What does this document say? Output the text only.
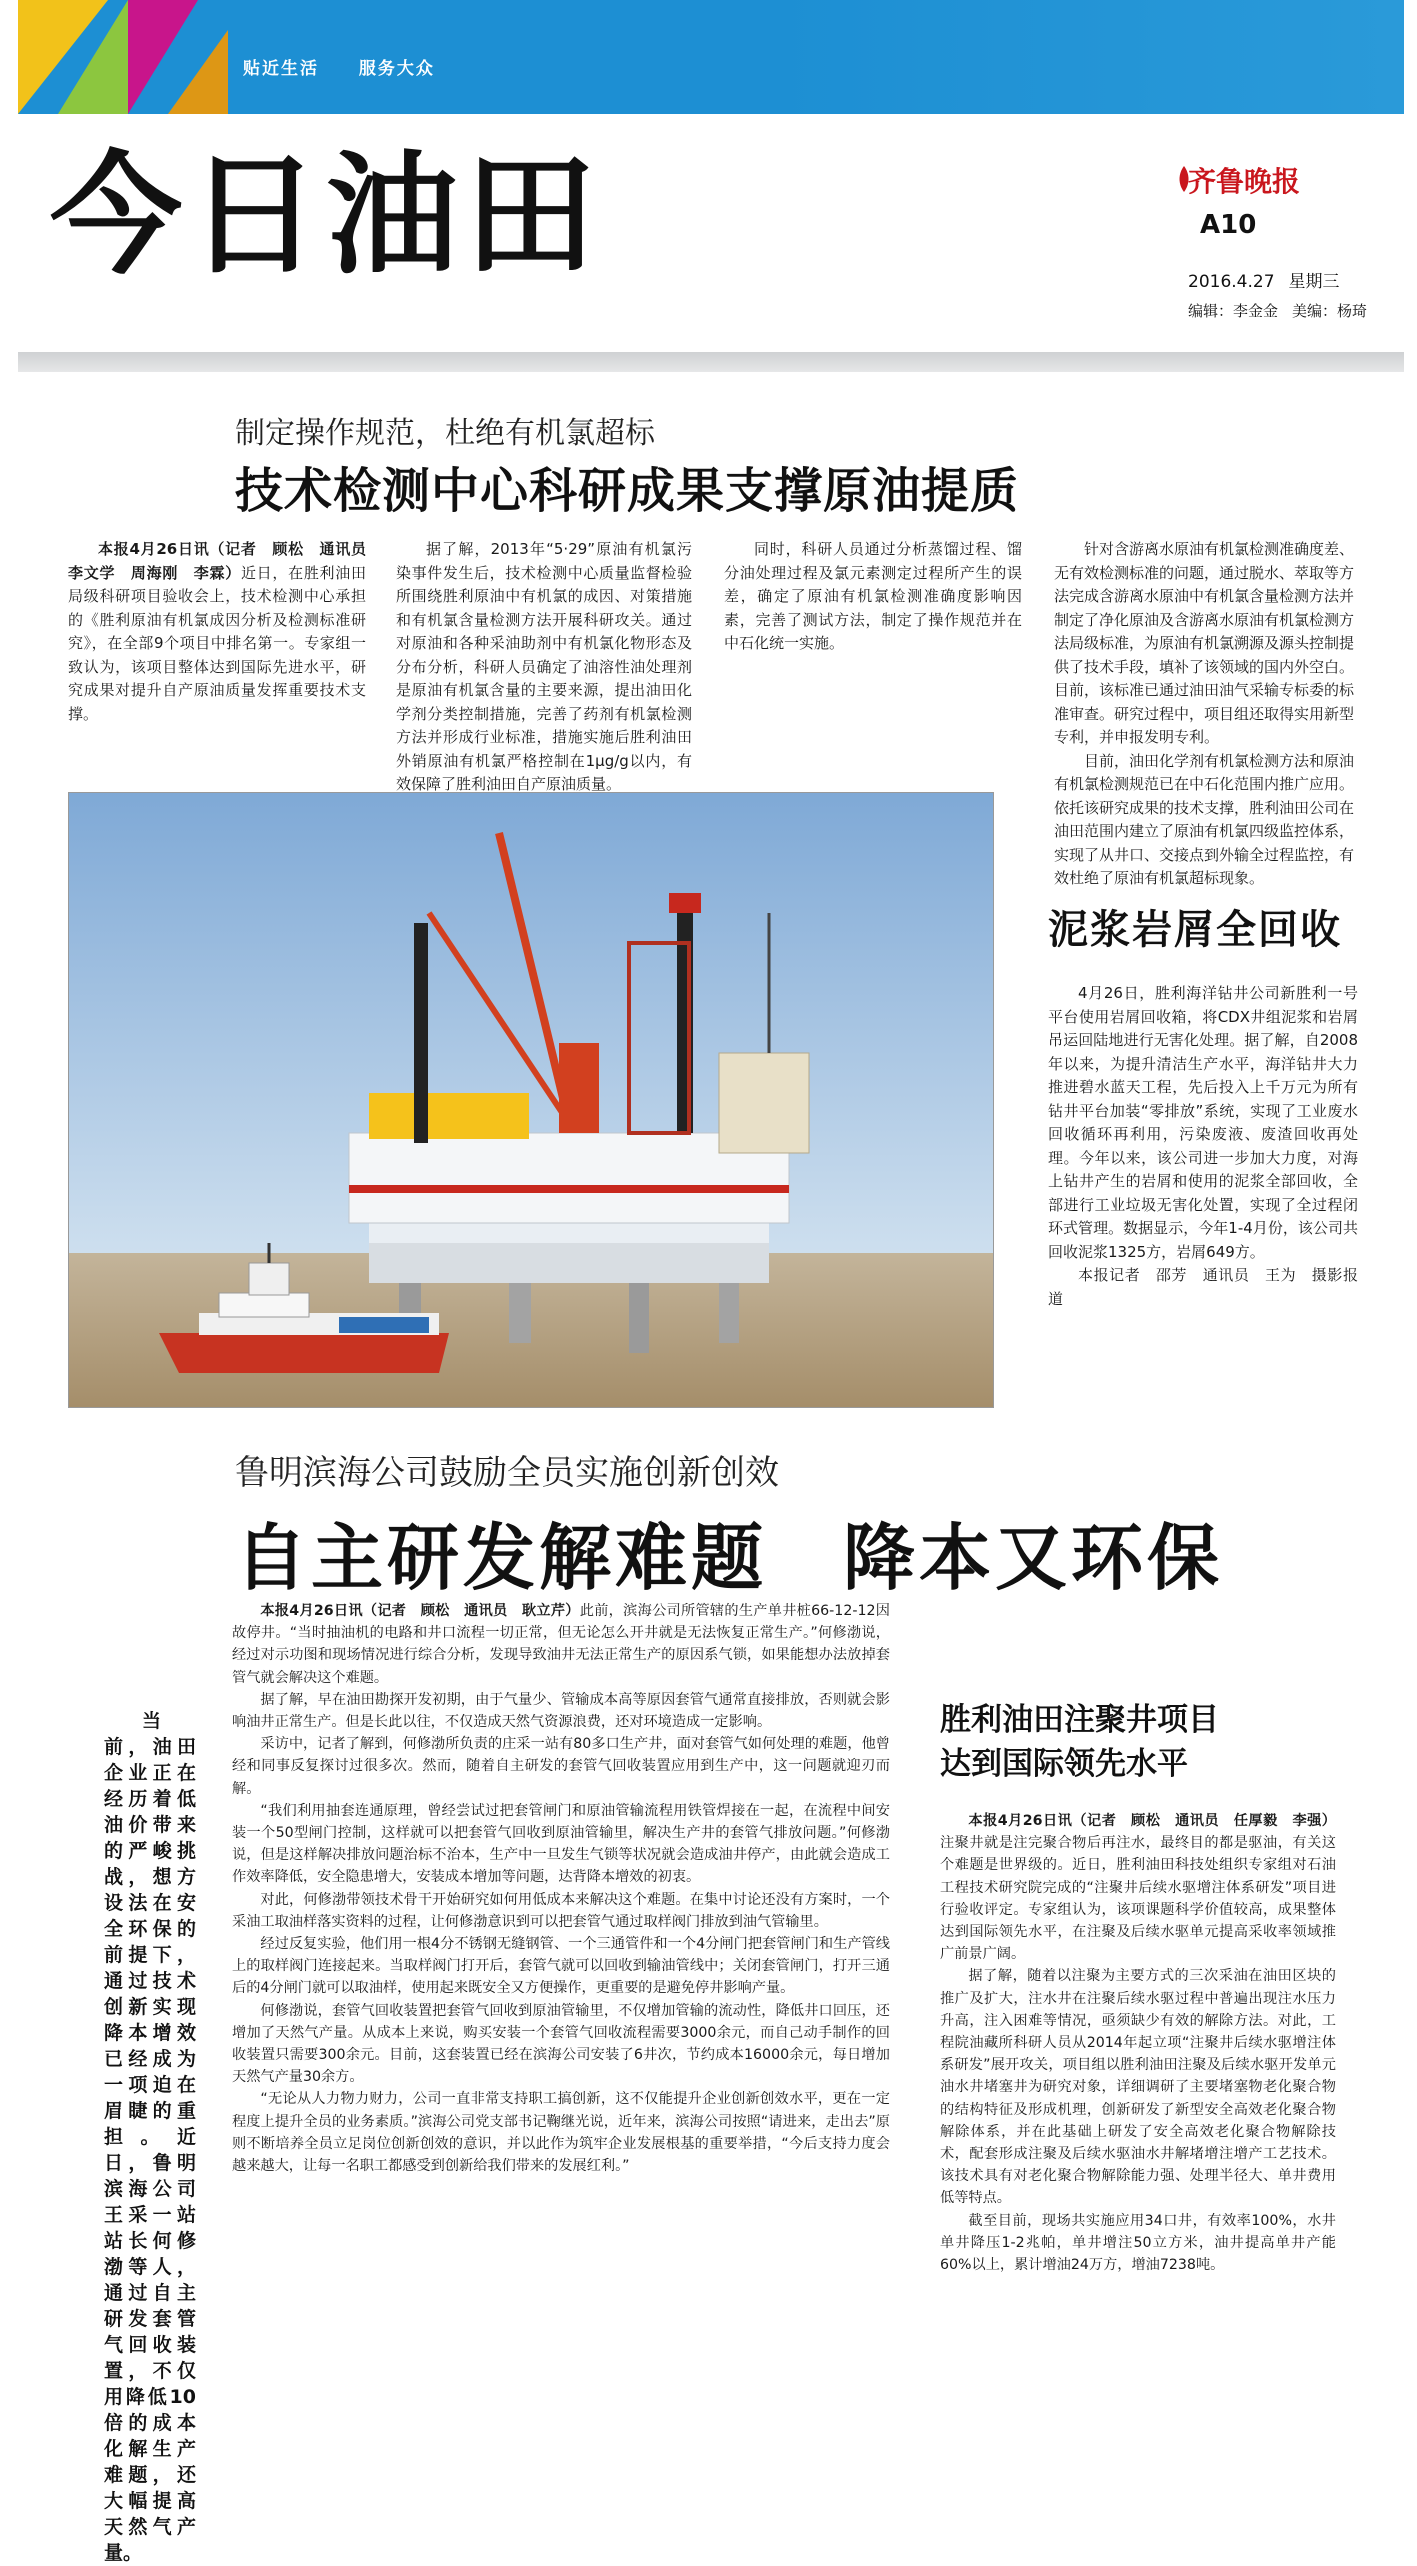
贴近生活 服务大众
今日油田	齐鲁晚报
A10
2016.4.27 星期三
编辑：李金金 美编：杨琦
制定操作规范，杜绝有机氯超标
技术检测中心科研成果支撑原油提质

本报4月26日讯（记者　顾松　通讯员　李文学　周海刚　李霖）近日，在胜利油田局级科研项目验收会上，技术检测中心承担的《胜利原油有机氯成因分析及检测标准研究》，在全部9个项目中排名第一。专家组一致认为，该项目整体达到国际先进水平，研究成果对提升自产原油质量发挥重要技术支撑。

据了解，2013年“5·29”原油有机氯污染事件发生后，技术检测中心质量监督检验所围绕胜利原油中有机氯的成因、对策措施和有机氯含量检测方法开展科研攻关。通过对原油和各种采油助剂中有机氯化物形态及分布分析，科研人员确定了油溶性油处理剂是原油有机氯含量的主要来源，提出油田化学剂分类控制措施，完善了药剂有机氯检测方法并形成行业标准，措施实施后胜利油田外销原油有机氯严格控制在1μg/g以内，有效保障了胜利油田自产原油质量。

同时，科研人员通过分析蒸馏过程、馏分油处理过程及氯元素测定过程所产生的误差，确定了原油有机氯检测准确度影响因素，完善了测试方法，制定了操作规范并在中石化统一实施。

针对含游离水原油有机氯检测准确度差、无有效检测标准的问题，通过脱水、萃取等方法完成含游离水原油中有机氯含量检测方法并制定了净化原油及含游离水原油有机氯检测方法局级标准，为原油有机氯溯源及源头控制提供了技术手段，填补了该领域的国内外空白。目前，该标准已通过油田油气采输专标委的标准审查。研究过程中，项目组还取得实用新型专利，并申报发明专利。

目前，油田化学剂有机氯检测方法和原油有机氯检测规范已在中石化范围内推广应用。依托该研究成果的技术支撑，胜利油田公司在油田范围内建立了原油有机氯四级监控体系，实现了从井口、交接点到外输全过程监控，有效杜绝了原油有机氯超标现象。

泥浆岩屑全回收

4月26日，胜利海洋钻井公司新胜利一号平台使用岩屑回收箱，将CDX井组泥浆和岩屑吊运回陆地进行无害化处理。据了解，自2008年以来，为提升清洁生产水平，海洋钻井大力推进碧水蓝天工程，先后投入上千万元为所有钻井平台加装“零排放”系统，实现了工业废水回收循环再利用，污染废液、废渣回收再处理。今年以来，该公司进一步加大力度，对海上钻井产生的岩屑和使用的泥浆全部回收，全部进行工业垃圾无害化处置，实现了全过程闭环式管理。数据显示，今年1-4月份，该公司共回收泥浆1325方，岩屑649方。

本报记者　邵芳　通讯员　王为　摄影报道

鲁明滨海公司鼓励全员实施创新创效
自主研发解难题　降本又环保

当前，油田企业正在经历着低油价带来的严峻挑战，想方设法在安全环保的前提下，通过技术创新实现降本增效已经成为一项迫在眉睫的重担。近日，鲁明滨海公司王采一站站长何修渤等人，通过自主研发套管气回收装置，不仅用降低10倍的成本化解生产难题，还大幅提高天然气产量。

本报4月26日讯（记者　顾松　通讯员　耿立芹）此前，滨海公司所管辖的生产单井桩66-12-12因故停井。“当时抽油机的电路和井口流程一切正常，但无论怎么开井就是无法恢复正常生产。”何修渤说，经过对示功图和现场情况进行综合分析，发现导致油井无法正常生产的原因系气锁，如果能想办法放掉套管气就会解决这个难题。

据了解，早在油田勘探开发初期，由于气量少、管输成本高等原因套管气通常直接排放，否则就会影响油井正常生产。但是长此以往，不仅造成天然气资源浪费，还对环境造成一定影响。

采访中，记者了解到，何修渤所负责的庄采一站有80多口生产井，面对套管气如何处理的难题，他曾经和同事反复探讨过很多次。然而，随着自主研发的套管气回收装置应用到生产中，这一问题就迎刃而解。

“我们利用抽套连通原理，曾经尝试过把套管闸门和原油管输流程用铁管焊接在一起，在流程中间安装一个50型闸门控制，这样就可以把套管气回收到原油管输里，解决生产井的套管气排放问题。”何修渤说，但是这样解决排放问题治标不治本，生产中一旦发生气锁等状况就会造成油井停产，由此就会造成工作效率降低，安全隐患增大，安装成本增加等问题，达背降本增效的初衷。

对此，何修渤带领技术骨干开始研究如何用低成本来解决这个难题。在集中讨论还没有方案时，一个采油工取油样落实资料的过程，让何修渤意识到可以把套管气通过取样阀门排放到油气管输里。

经过反复实验，他们用一根4分不锈钢无缝钢管、一个三通管件和一个4分闸门把套管闸门和生产管线上的取样阀门连接起来。当取样阀门打开后，套管气就可以回收到输油管线中；关闭套管闸门，打开三通后的4分闸门就可以取油样，使用起来既安全又方便操作，更重要的是避免停井影响产量。

何修渤说，套管气回收装置把套管气回收到原油管输里，不仅增加管输的流动性，降低井口回压，还增加了天然气产量。从成本上来说，购买安装一个套管气回收流程需要3000余元，而自己动手制作的回收装置只需要300余元。目前，这套装置已经在滨海公司安装了6井次，节约成本16000余元，每日增加天然气产量30余方。

“无论从人力物力财力，公司一直非常支持职工搞创新，这不仅能提升企业创新创效水平，更在一定程度上提升全员的业务素质。”滨海公司党支部书记鞠继光说，近年来，滨海公司按照“请进来，走出去”原则不断培养全员立足岗位创新创效的意识，并以此作为筑牢企业发展根基的重要举措，“今后支持力度会越来越大，让每一名职工都感受到创新给我们带来的发展红利。”

胜利油田注聚井项目
达到国际领先水平

本报4月26日讯（记者　顾松　通讯员　任厚毅　李强）注聚井就是注完聚合物后再注水，最终目的都是驱油，有关这个难题是世界级的。近日，胜利油田科技处组织专家组对石油工程技术研究院完成的“注聚井后续水驱增注体系研发”项目进行验收评定。专家组认为，该项课题科学价值较高，成果整体达到国际领先水平，在注聚及后续水驱单元提高采收率领域推广前景广阔。

据了解，随着以注聚为主要方式的三次采油在油田区块的推广及扩大，注水井在注聚后续水驱过程中普遍出现注水压力升高，注入困难等情况，亟须缺少有效的解除方法。对此，工程院油藏所科研人员从2014年起立项“注聚井后续水驱增注体系研发”展开攻关，项目组以胜利油田注聚及后续水驱开发单元油水井堵塞井为研究对象，详细调研了主要堵塞物老化聚合物的结构特征及形成机理，创新研发了新型安全高效老化聚合物解除体系，并在此基础上研发了安全高效老化聚合物解除技术，配套形成注聚及后续水驱油水井解堵增注增产工艺技术。该技术具有对老化聚合物解除能力强、处理半径大、单井费用低等特点。

截至目前，现场共实施应用34口井，有效率100%，水井单井降压1-2兆帕，单井增注50立方米，油井提高单井产能60%以上，累计增油24万方，增油7238吨。
